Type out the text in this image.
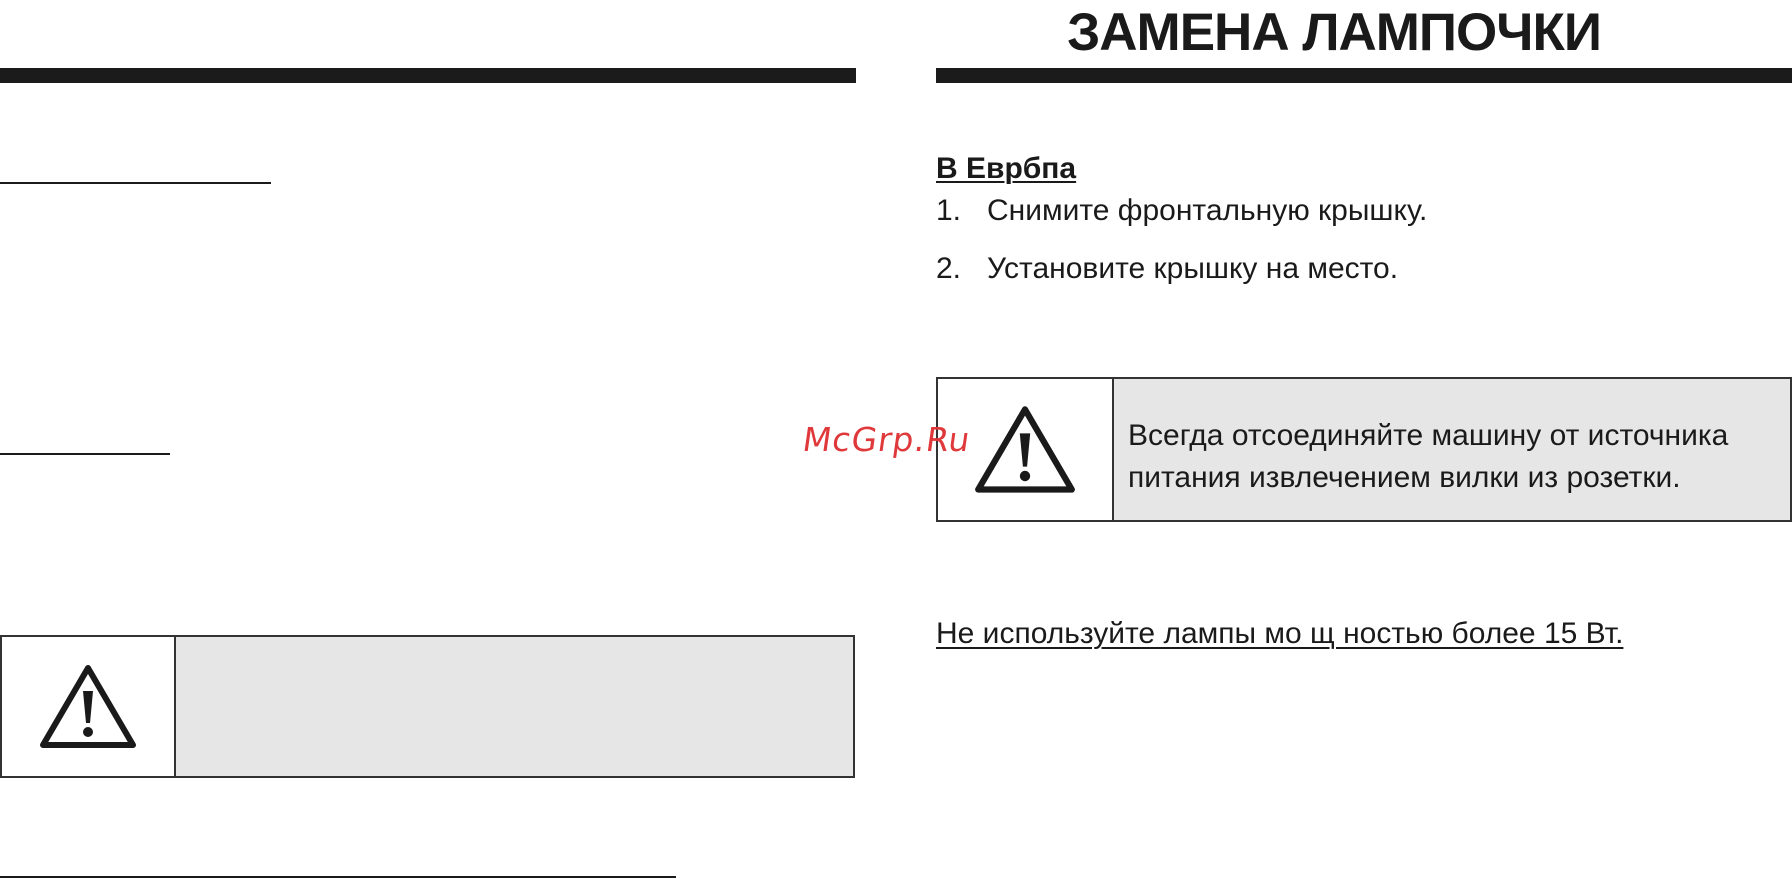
ЗАМЕНА ЛАМПОЧКИ
В Еврбпа
1. Снимите фронтальную крышку.
2. Установите крышку на место.
Всегда отсоединяйте машину от источника
питания извлечением вилки из розетки.
Не используйте лампы мо щ ностью более 15 Вт.
McGrp.Ru
